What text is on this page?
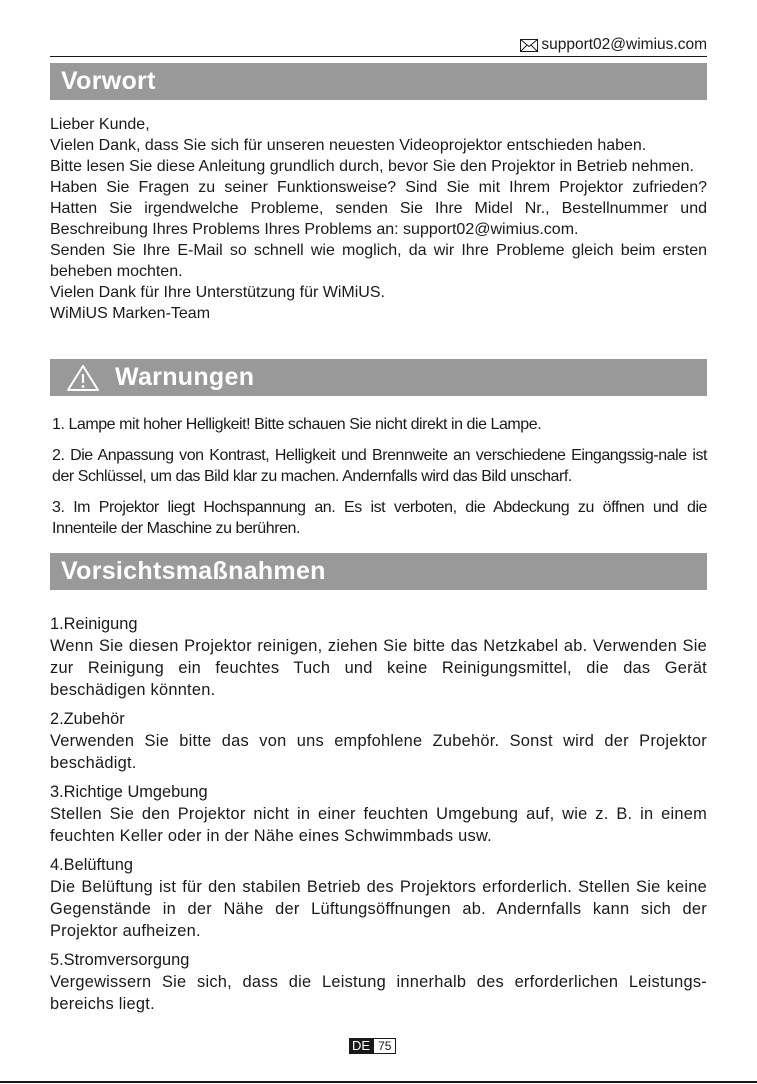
support02@wimius.com
Vorwort

Lieber Kunde,

Vielen Dank, dass Sie sich für unseren neuesten Videoprojektor entschieden haben.

Bitte lesen Sie diese Anleitung grundlich durch, bevor Sie den Projektor in Betrieb nehmen.

Haben Sie Fragen zu seiner Funktionsweise? Sind Sie mit Ihrem Projektor zufrieden? Hatten Sie irgendwelche Probleme, senden Sie Ihre Midel Nr., Bestellnummer und Beschreibung Ihres Problems Ihres Problems an: support02@wimius.com.

Senden Sie Ihre E-Mail so schnell wie moglich, da wir Ihre Probleme gleich beim ersten beheben mochten.

Vielen Dank für Ihre Unterstützung für WiMiUS.

WiMiUS Marken-Team

Warnungen

1. Lampe mit hoher Helligkeit! Bitte schauen Sie nicht direkt in die Lampe.

2. Die Anpassung von Kontrast, Helligkeit und Brennweite an verschiedene Eingangssig-nale ist der Schlüssel, um das Bild klar zu machen. Andernfalls wird das Bild unscharf.

3. Im Projektor liegt Hochspannung an. Es ist verboten, die Abdeckung zu öffnen und die Innenteile der Maschine zu berühren.

Vorsichtsmaßnahmen
1.Reinigung
Wenn Sie diesen Projektor reinigen, ziehen Sie bitte das Netzkabel ab. Verwenden Sie zur Reinigung ein feuchtes Tuch und keine Reinigungsmittel, die das Gerät beschädigen könnten.
2.Zubehör
Verwenden Sie bitte das von uns empfohlene Zubehör. Sonst wird der Projektor beschädigt.
3.Richtige Umgebung
Stellen Sie den Projektor nicht in einer feuchten Umgebung auf, wie z. B. in einem feuchten Keller oder in der Nähe eines Schwimmbads usw.
4.Belüftung
Die Belüftung ist für den stabilen Betrieb des Projektors erforderlich. Stellen Sie keine Gegenstände in der Nähe der Lüftungsöffnungen ab. Andernfalls kann sich der Projektor aufheizen.
5.Stromversorgung
Vergewissern Sie sich, dass die Leistung innerhalb des erforderlichen Leistungs-bereichs liegt.
DE 75
